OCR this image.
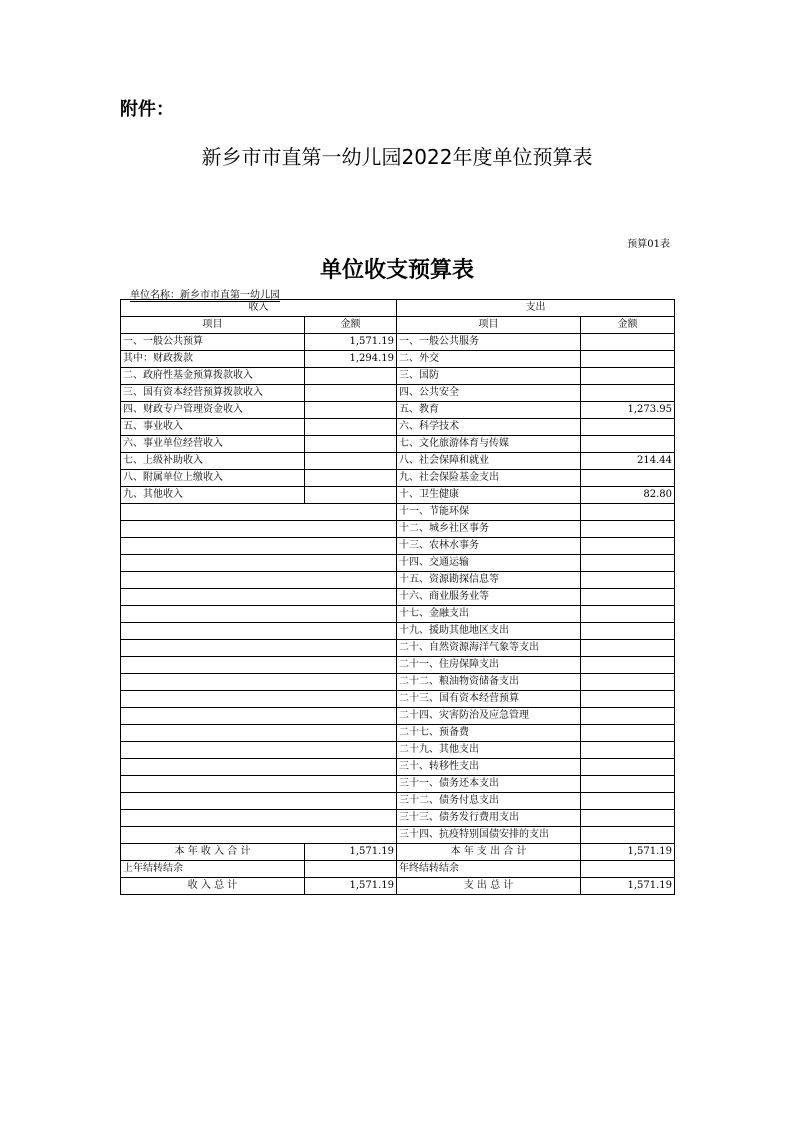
附件：
新乡市市直第一幼儿园2022年度单位预算表
预算01表
单位收支预算表
单位名称：新乡市市直第一幼儿园
收入		支出	
项目	金额	项目	金额
一、一般公共预算	1,571.19	一、一般公共服务	
其中：财政拨款	1,294.19	二、外交	
二、政府性基金预算拨款收入		三、国防	
三、国有资本经营预算拨款收入		四、公共安全	
四、财政专户管理资金收入		五、教育	1,273.95
五、事业收入		六、科学技术	
六、事业单位经营收入		七、文化旅游体育与传媒	
七、上级补助收入		八、社会保障和就业	214.44
八、附属单位上缴收入		九、社会保险基金支出	
九、其他收入		十、卫生健康	82.80
		十一、节能环保	
		十二、城乡社区事务	
		十三、农林水事务	
		十四、交通运输	
		十五、资源勘探信息等	
		十六、商业服务业等	
		十七、金融支出	
		十九、援助其他地区支出	
		二十、自然资源海洋气象等支出	
		二十一、住房保障支出	
		二十二、粮油物资储备支出	
		二十三、国有资本经营预算	
		二十四、灾害防治及应急管理	
		二十七、预备费	
		二十九、其他支出	
		三十、转移性支出	
		三十一、债务还本支出	
		三十二、债务付息支出	
		三十三、债务发行费用支出	
		三十四、抗疫特别国债安排的支出	
本 年 收 入 合 计	1,571.19	本 年 支 出 合 计	1,571.19
上年结转结余		年终结转结余	
收 入 总 计	1,571.19	支 出 总 计	1,571.19
